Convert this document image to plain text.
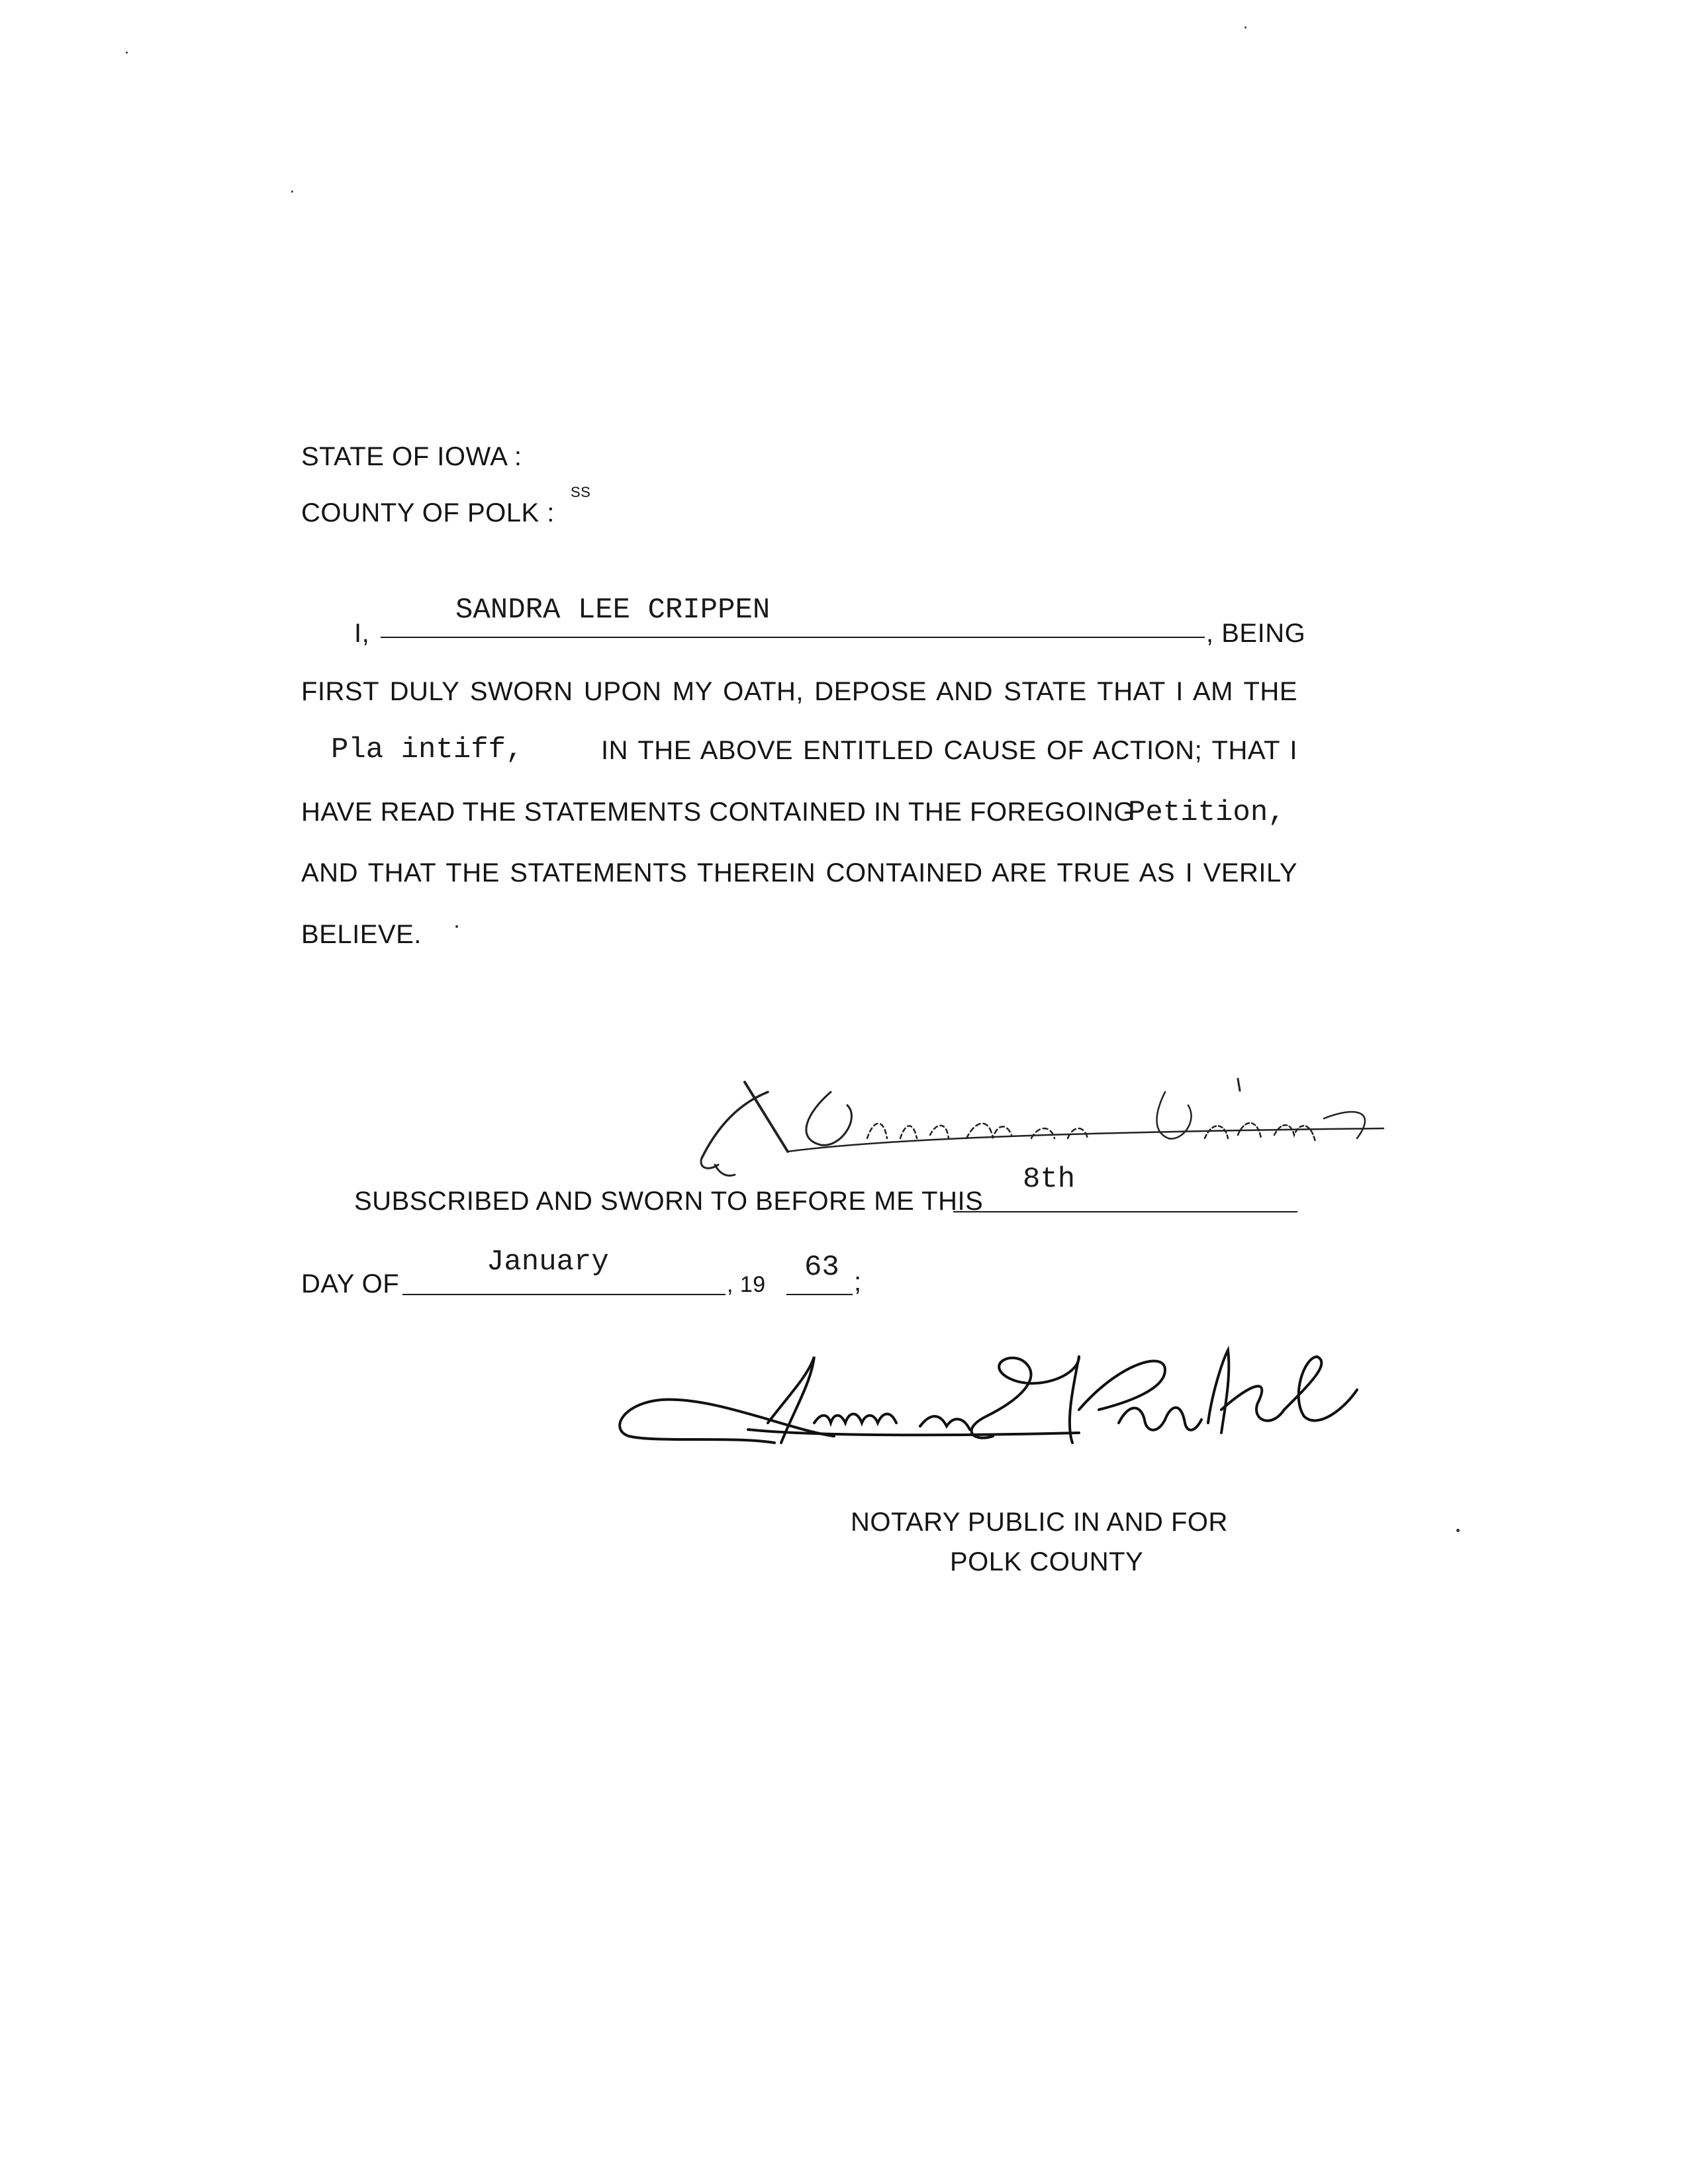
STATE OF IOWA :
COUNTY OF POLK :
SS
I,
SANDRA LEE CRIPPEN
, BEING
FIRST DULY SWORN UPON MY OATH, DEPOSE AND STATE THAT I AM THE
Pla intiff,	IN THE ABOVE ENTITLED CAUSE OF ACTION; THAT I
HAVE READ THE STATEMENTS CONTAINED IN THE FOREGOING
Petition,
AND THAT THE STATEMENTS THEREIN CONTAINED ARE TRUE AS I VERILY
BELIEVE.
SUBSCRIBED AND SWORN TO BEFORE ME THIS
8th
DAY OF
January
, 19
63 ;
NOTARY PUBLIC IN AND FOR
POLK COUNTY
